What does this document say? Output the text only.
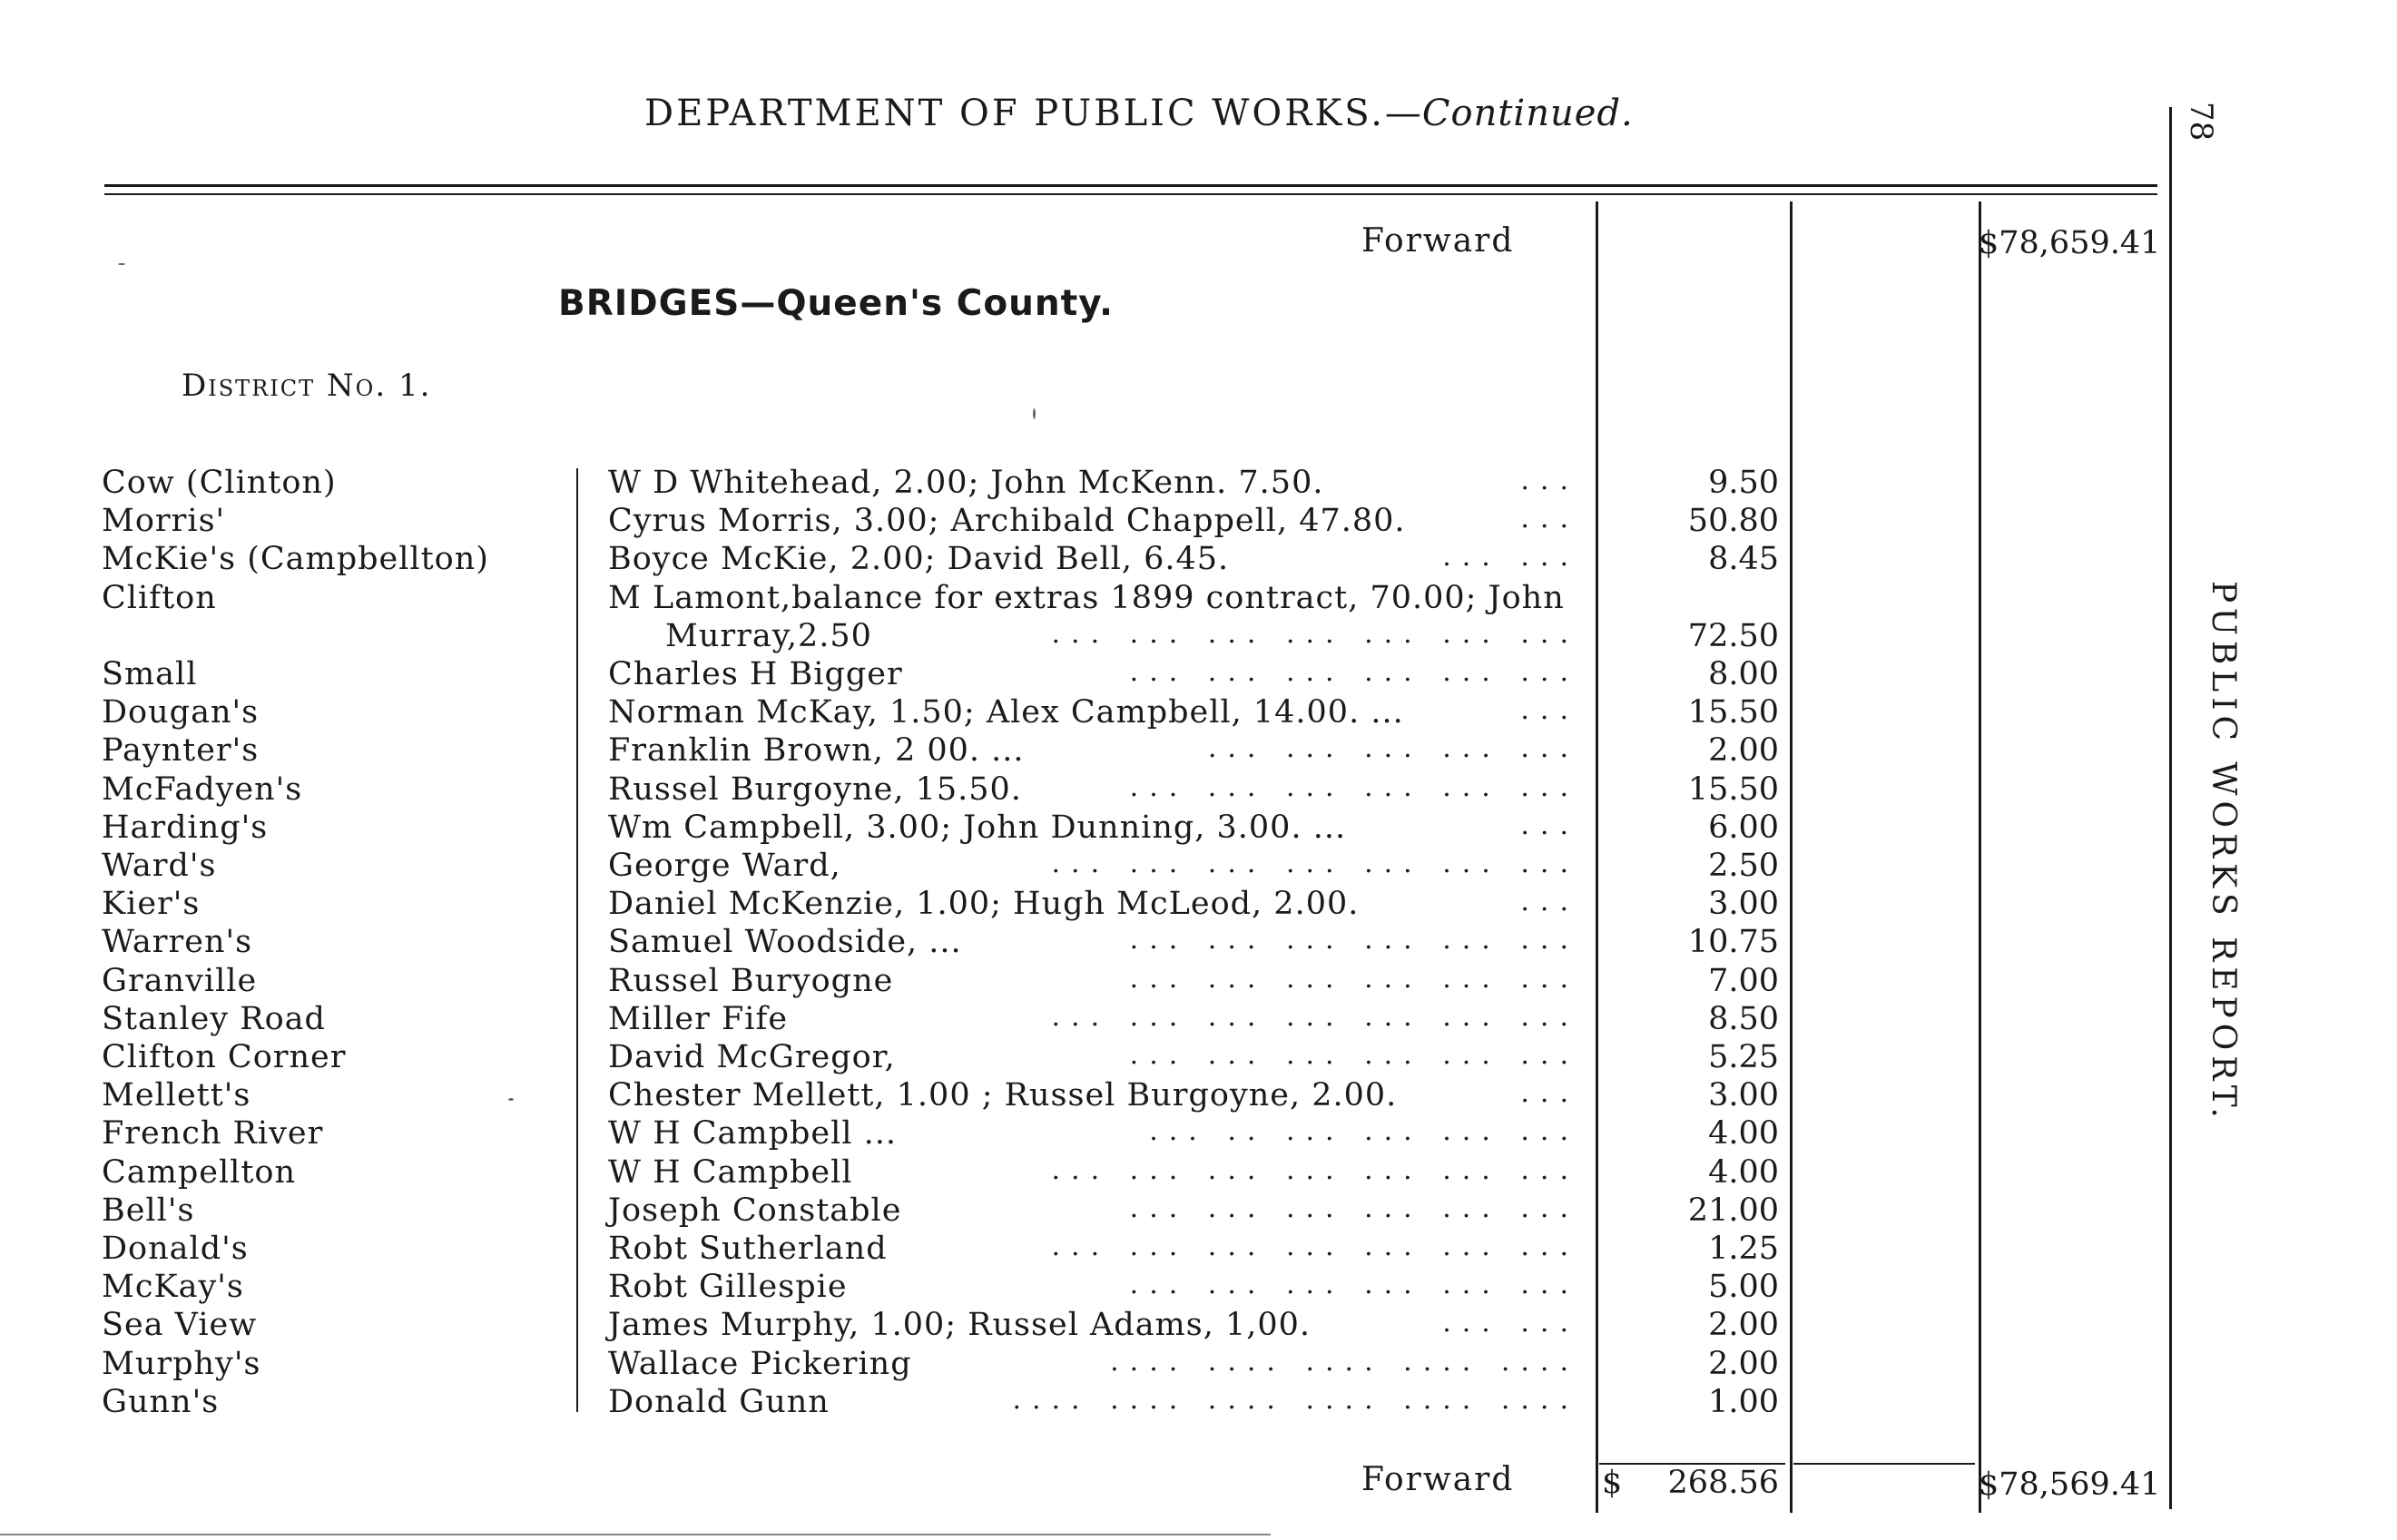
DEPARTMENT OF PUBLIC WORKS.—Continued.	78
PUBLIC WORKS REPORT.
Forward	$78,659.41
BRIDGES—Queen's County.
District No. 1.
Cow (Clinton)	W D Whitehead, 2.00; John McKenn. 7.50.	...	9.50
Morris'	Cyrus Morris, 3.00; Archibald Chappell, 47.80.	...	50.80
McKie's (Campbellton)	Boyce McKie, 2.00; David Bell, 6.45.	... ...	8.45
Clifton	M Lamont,balance for extras 1899 contract, 70.00; John
Murray,2.50	... ... ... ... ... ... ...	72.50
Small	Charles H Bigger	... ... ... ... ... ...	8.00
Dougan's	Norman McKay, 1.50; Alex Campbell, 14.00. ...	...	15.50
Paynter's	Franklin Brown, 2 00. ...	... ... ... ... ...	2.00
McFadyen's	Russel Burgoyne, 15.50.	... ... ... ... ... ...	15.50
Harding's	Wm Campbell, 3.00; John Dunning, 3.00. ...	...	6.00
Ward's	George Ward,	... ... ... ... ... ... ...	2.50
Kier's	Daniel McKenzie, 1.00; Hugh McLeod, 2.00.	...	3.00
Warren's	Samuel Woodside, ...	... ... ... ... ... ...	10.75
Granville	Russel Buryogne	... ... ... ... ... ...	7.00
Stanley Road	Miller Fife	... ... ... ... ... ... ...	8.50
Clifton Corner	David McGregor,	... ... ... ... ... ...	5.25
Mellett's	Chester Mellett, 1.00 ; Russel Burgoyne, 2.00.	...	3.00
French River	W H Campbell ...	... .. ... ... ... ...	4.00
Campellton	W H Campbell	... ... ... ... ... ... ...	4.00
Bell's	Joseph Constable	... ... ... ... ... ...	21.00
Donald's	Robt Sutherland	... ... ... ... ... ... ...	1.25
McKay's	Robt Gillespie	... ... ... ... ... ...	5.00
Sea View	James Murphy, 1.00; Russel Adams, 1,00.	... ...	2.00
Murphy's	Wallace Pickering	.... .... .... .... ....	2.00
Gunn's	Donald Gunn	.... .... .... .... .... ....	1.00
Forward	$	268.56	$78,569.41
